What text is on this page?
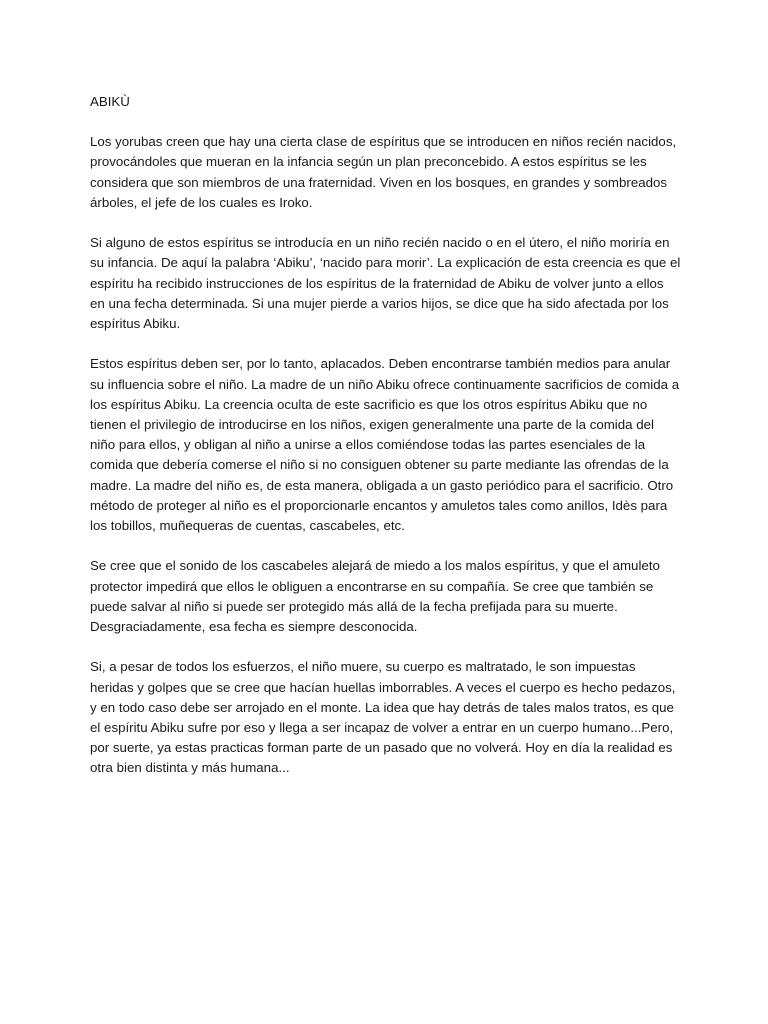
ABIKÙ

Los yorubas creen que hay una cierta clase de espíritus que se introducen en niños recién nacidos, provocándoles que mueran en la infancia según un plan preconcebido. A estos espíritus se les considera que son miembros de una fraternidad. Viven en los bosques, en grandes y sombreados árboles, el jefe de los cuales es Iroko.

Si alguno de estos espíritus se introducía en un niño recién nacido o en el útero, el niño moriría en su infancia. De aquí la palabra ‘Abiku’, ‘nacido para morir’. La explicación de esta creencia es que el espíritu ha recibido instrucciones de los espíritus de la fraternidad de Abiku de volver junto a ellos en una fecha determinada. Si una mujer pierde a varios hijos, se dice que ha sido afectada por los espíritus Abiku.

Estos espíritus deben ser, por lo tanto, aplacados. Deben encontrarse también medios para anular su influencia sobre el niño. La madre de un niño Abiku ofrece continuamente sacrificios de comida a los espíritus Abiku. La creencia oculta de este sacrificio es que los otros espíritus Abiku que no tienen el privilegio de introducirse en los niños, exigen generalmente una parte de la comida del niño para ellos, y obligan al niño a unirse a ellos comiéndose todas las partes esenciales de la comida que debería comerse el niño si no consiguen obtener su parte mediante las ofrendas de la madre. La madre del niño es, de esta manera, obligada a un gasto periódico para el sacrificio. Otro método de proteger al niño es el proporcionarle encantos y amuletos tales como anillos, Idès para los tobillos, muñequeras de cuentas, cascabeles, etc.

Se cree que el sonido de los cascabeles alejará de miedo a los malos espíritus, y que el amuleto protector impedirá que ellos le obliguen a encontrarse en su compañía. Se cree que también se puede salvar al niño si puede ser protegido más allá de la fecha prefijada para su muerte. Desgraciadamente, esa fecha es siempre desconocida.

Si, a pesar de todos los esfuerzos, el niño muere, su cuerpo es maltratado, le son impuestas heridas y golpes que se cree que hacían huellas imborrables. A veces el cuerpo es hecho pedazos, y en todo caso debe ser arrojado en el monte. La idea que hay detrás de tales malos tratos, es que el espíritu Abiku sufre por eso y llega a ser incapaz de volver a entrar en un cuerpo humano...Pero, por suerte, ya estas practicas forman parte de un pasado que no volverá. Hoy en día la realidad es otra bien distinta y más humana...
